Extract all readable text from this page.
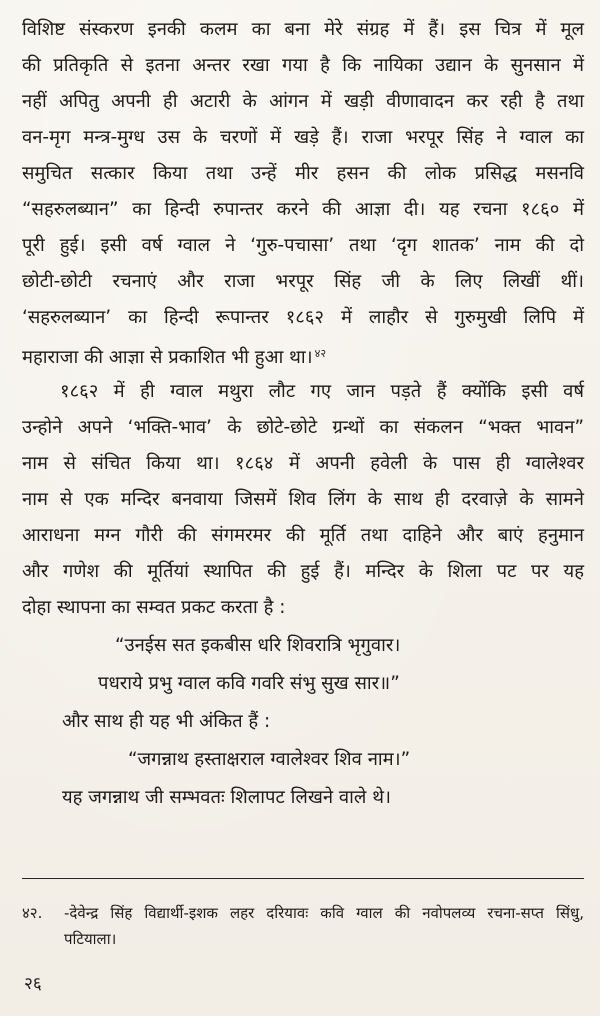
विशिष्ट संस्करण इनकी कलम का बना मेरे संग्रह में हैं। इस चित्र में मूल
की प्रतिकृति से इतना अन्तर रखा गया है कि नायिका उद्यान के सुनसान में
नहीं अपितु अपनी ही अटारी के आंगन में खड़ी वीणावादन कर रही है तथा
वन-मृग मन्त्र-मुग्ध उस के चरणों में खड़े हैं। राजा भरपूर सिंह ने ग्वाल का
समुचित सत्कार किया तथा उन्हें मीर हसन की लोक प्रसिद्ध मसनवि
“सहरुलब्यान” का हिन्दी रुपान्तर करने की आज्ञा दी। यह रचना १८६० में
पूरी हुई। इसी वर्ष ग्वाल ने ‘गुरु-पचासा’ तथा ‘दृग शातक’ नाम की दो
छोटी-छोटी रचनाएं और राजा भरपूर सिंह जी के लिए लिखीं थीं।
‘सहरुलब्यान’ का हिन्दी रूपान्तर १८६२ में लाहौर से गुरुमुखी लिपि में
महाराजा की आज्ञा से प्रकाशित भी हुआ था। $^{४२}$
१८६२ में ही ग्वाल मथुरा लौट गए जान पड़ते हैं क्योंकि इसी वर्ष
उन्होने अपने ‘भक्ति-भाव’ के छोटे-छोटे ग्रन्थों का संकलन “भक्त भावन”
नाम से संचित किया था। १८६४ में अपनी हवेली के पास ही ग्वालेश्वर
नाम से एक मन्दिर बनवाया जिसमें शिव लिंग के साथ ही दरवाज़े के सामने
आराधना मग्न गौरी की संगमरमर की मूर्ति तथा दाहिने और बाएं हनुमान
और गणेश की मूर्तियां स्थापित की हुई हैं। मन्दिर के शिला पट पर यह
दोहा स्थापना का सम्वत प्रकट करता है :
“उनईस सत इकबीस धरि शिवरात्रि भृगुवार।
पधराये प्रभु ग्वाल कवि गवरि संभु सुख सार॥”
और साथ ही यह भी अंकित हैं :
“जगन्नाथ हस्ताक्षराल ग्वालेश्वर शिव नाम।”
यह जगन्नाथ जी सम्भवतः शिलापट लिखने वाले थे।
४२. -देवेन्द्र सिंह विद्यार्थी-इशक लहर दरियावः कवि ग्वाल की नवोपलव्य रचना-सप्त सिंधु,
पटियाला।
२६
